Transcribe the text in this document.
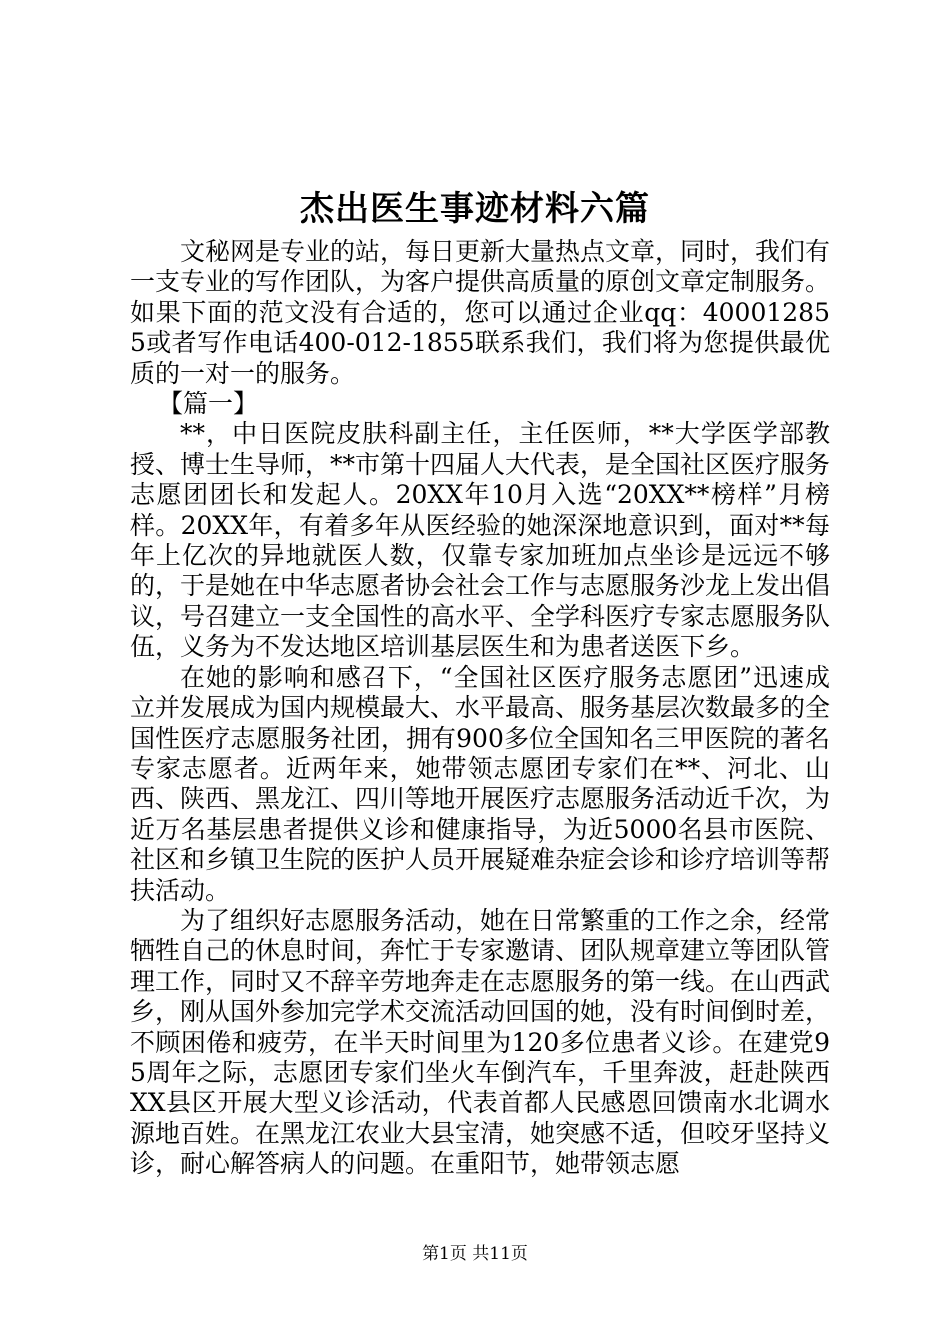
杰出医生事迹材料六篇

文秘网是专业的站，每日更新大量热点文章，同时，我们有一支专业的写作团队，为客户提供高质量的原创文章定制服务。如果下面的范文没有合适的，您可以通过企业qq：400012855或者写作电话400-012-1855联系我们，我们将为您提供最优质的一对一的服务。

【篇一】

**，中日医院皮肤科副主任，主任医师，**大学医学部教授、博士生导师，**市第十四届人大代表，是全国社区医疗服务志愿团团长和发起人。20XX年10月入选“20XX**榜样”月榜样。20XX年，有着多年从医经验的她深深地意识到，面对**每年上亿次的异地就医人数，仅靠专家加班加点坐诊是远远不够的，于是她在中华志愿者协会社会工作与志愿服务沙龙上发出倡议，号召建立一支全国性的高水平、全学科医疗专家志愿服务队伍，义务为不发达地区培训基层医生和为患者送医下乡。

在她的影响和感召下，“全国社区医疗服务志愿团”迅速成立并发展成为国内规模最大、水平最高、服务基层次数最多的全国性医疗志愿服务社团，拥有900多位全国知名三甲医院的著名专家志愿者。近两年来，她带领志愿团专家们在**、河北、山西、陕西、黑龙江、四川等地开展医疗志愿服务活动近千次，为近万名基层患者提供义诊和健康指导，为近5000名县市医院、社区和乡镇卫生院的医护人员开展疑难杂症会诊和诊疗培训等帮扶活动。

为了组织好志愿服务活动，她在日常繁重的工作之余，经常牺牲自己的休息时间，奔忙于专家邀请、团队规章建立等团队管理工作，同时又不辞辛劳地奔走在志愿服务的第一线。在山西武乡，刚从国外参加完学术交流活动回国的她，没有时间倒时差，不顾困倦和疲劳，在半天时间里为120多位患者义诊。在建党95周年之际，志愿团专家们坐火车倒汽车，千里奔波，赶赴陕西XX县区开展大型义诊活动，代表首都人民感恩回馈南水北调水源地百姓。在黑龙江农业大县宝清，她突感不适，但咬牙坚持义诊，耐心解答病人的问题。在重阳节，她带领志愿

第1页 共11页
